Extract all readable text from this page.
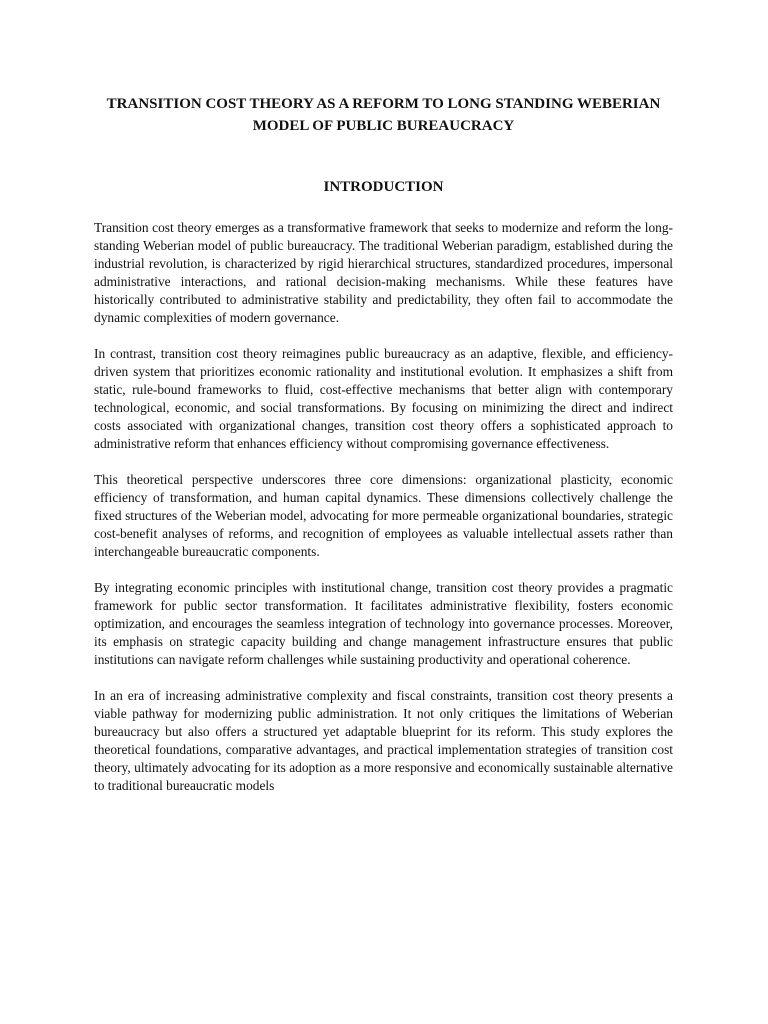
TRANSITION COST THEORY AS A REFORM TO LONG STANDING WEBERIAN MODEL OF PUBLIC BUREAUCRACY
INTRODUCTION

Transition cost theory emerges as a transformative framework that seeks to modernize and reform the long-standing Weberian model of public bureaucracy. The traditional Weberian paradigm, established during the industrial revolution, is characterized by rigid hierarchical structures, standardized procedures, impersonal administrative interactions, and rational decision-making mechanisms. While these features have historically contributed to administrative stability and predictability, they often fail to accommodate the dynamic complexities of modern governance.

In contrast, transition cost theory reimagines public bureaucracy as an adaptive, flexible, and efficiency-driven system that prioritizes economic rationality and institutional evolution. It emphasizes a shift from static, rule-bound frameworks to fluid, cost-effective mechanisms that better align with contemporary technological, economic, and social transformations. By focusing on minimizing the direct and indirect costs associated with organizational changes, transition cost theory offers a sophisticated approach to administrative reform that enhances efficiency without compromising governance effectiveness.

This theoretical perspective underscores three core dimensions: organizational plasticity, economic efficiency of transformation, and human capital dynamics. These dimensions collectively challenge the fixed structures of the Weberian model, advocating for more permeable organizational boundaries, strategic cost-benefit analyses of reforms, and recognition of employees as valuable intellectual assets rather than interchangeable bureaucratic components.

By integrating economic principles with institutional change, transition cost theory provides a pragmatic framework for public sector transformation. It facilitates administrative flexibility, fosters economic optimization, and encourages the seamless integration of technology into governance processes. Moreover, its emphasis on strategic capacity building and change management infrastructure ensures that public institutions can navigate reform challenges while sustaining productivity and operational coherence.

In an era of increasing administrative complexity and fiscal constraints, transition cost theory presents a viable pathway for modernizing public administration. It not only critiques the limitations of Weberian bureaucracy but also offers a structured yet adaptable blueprint for its reform. This study explores the theoretical foundations, comparative advantages, and practical implementation strategies of transition cost theory, ultimately advocating for its adoption as a more responsive and economically sustainable alternative to traditional bureaucratic models
